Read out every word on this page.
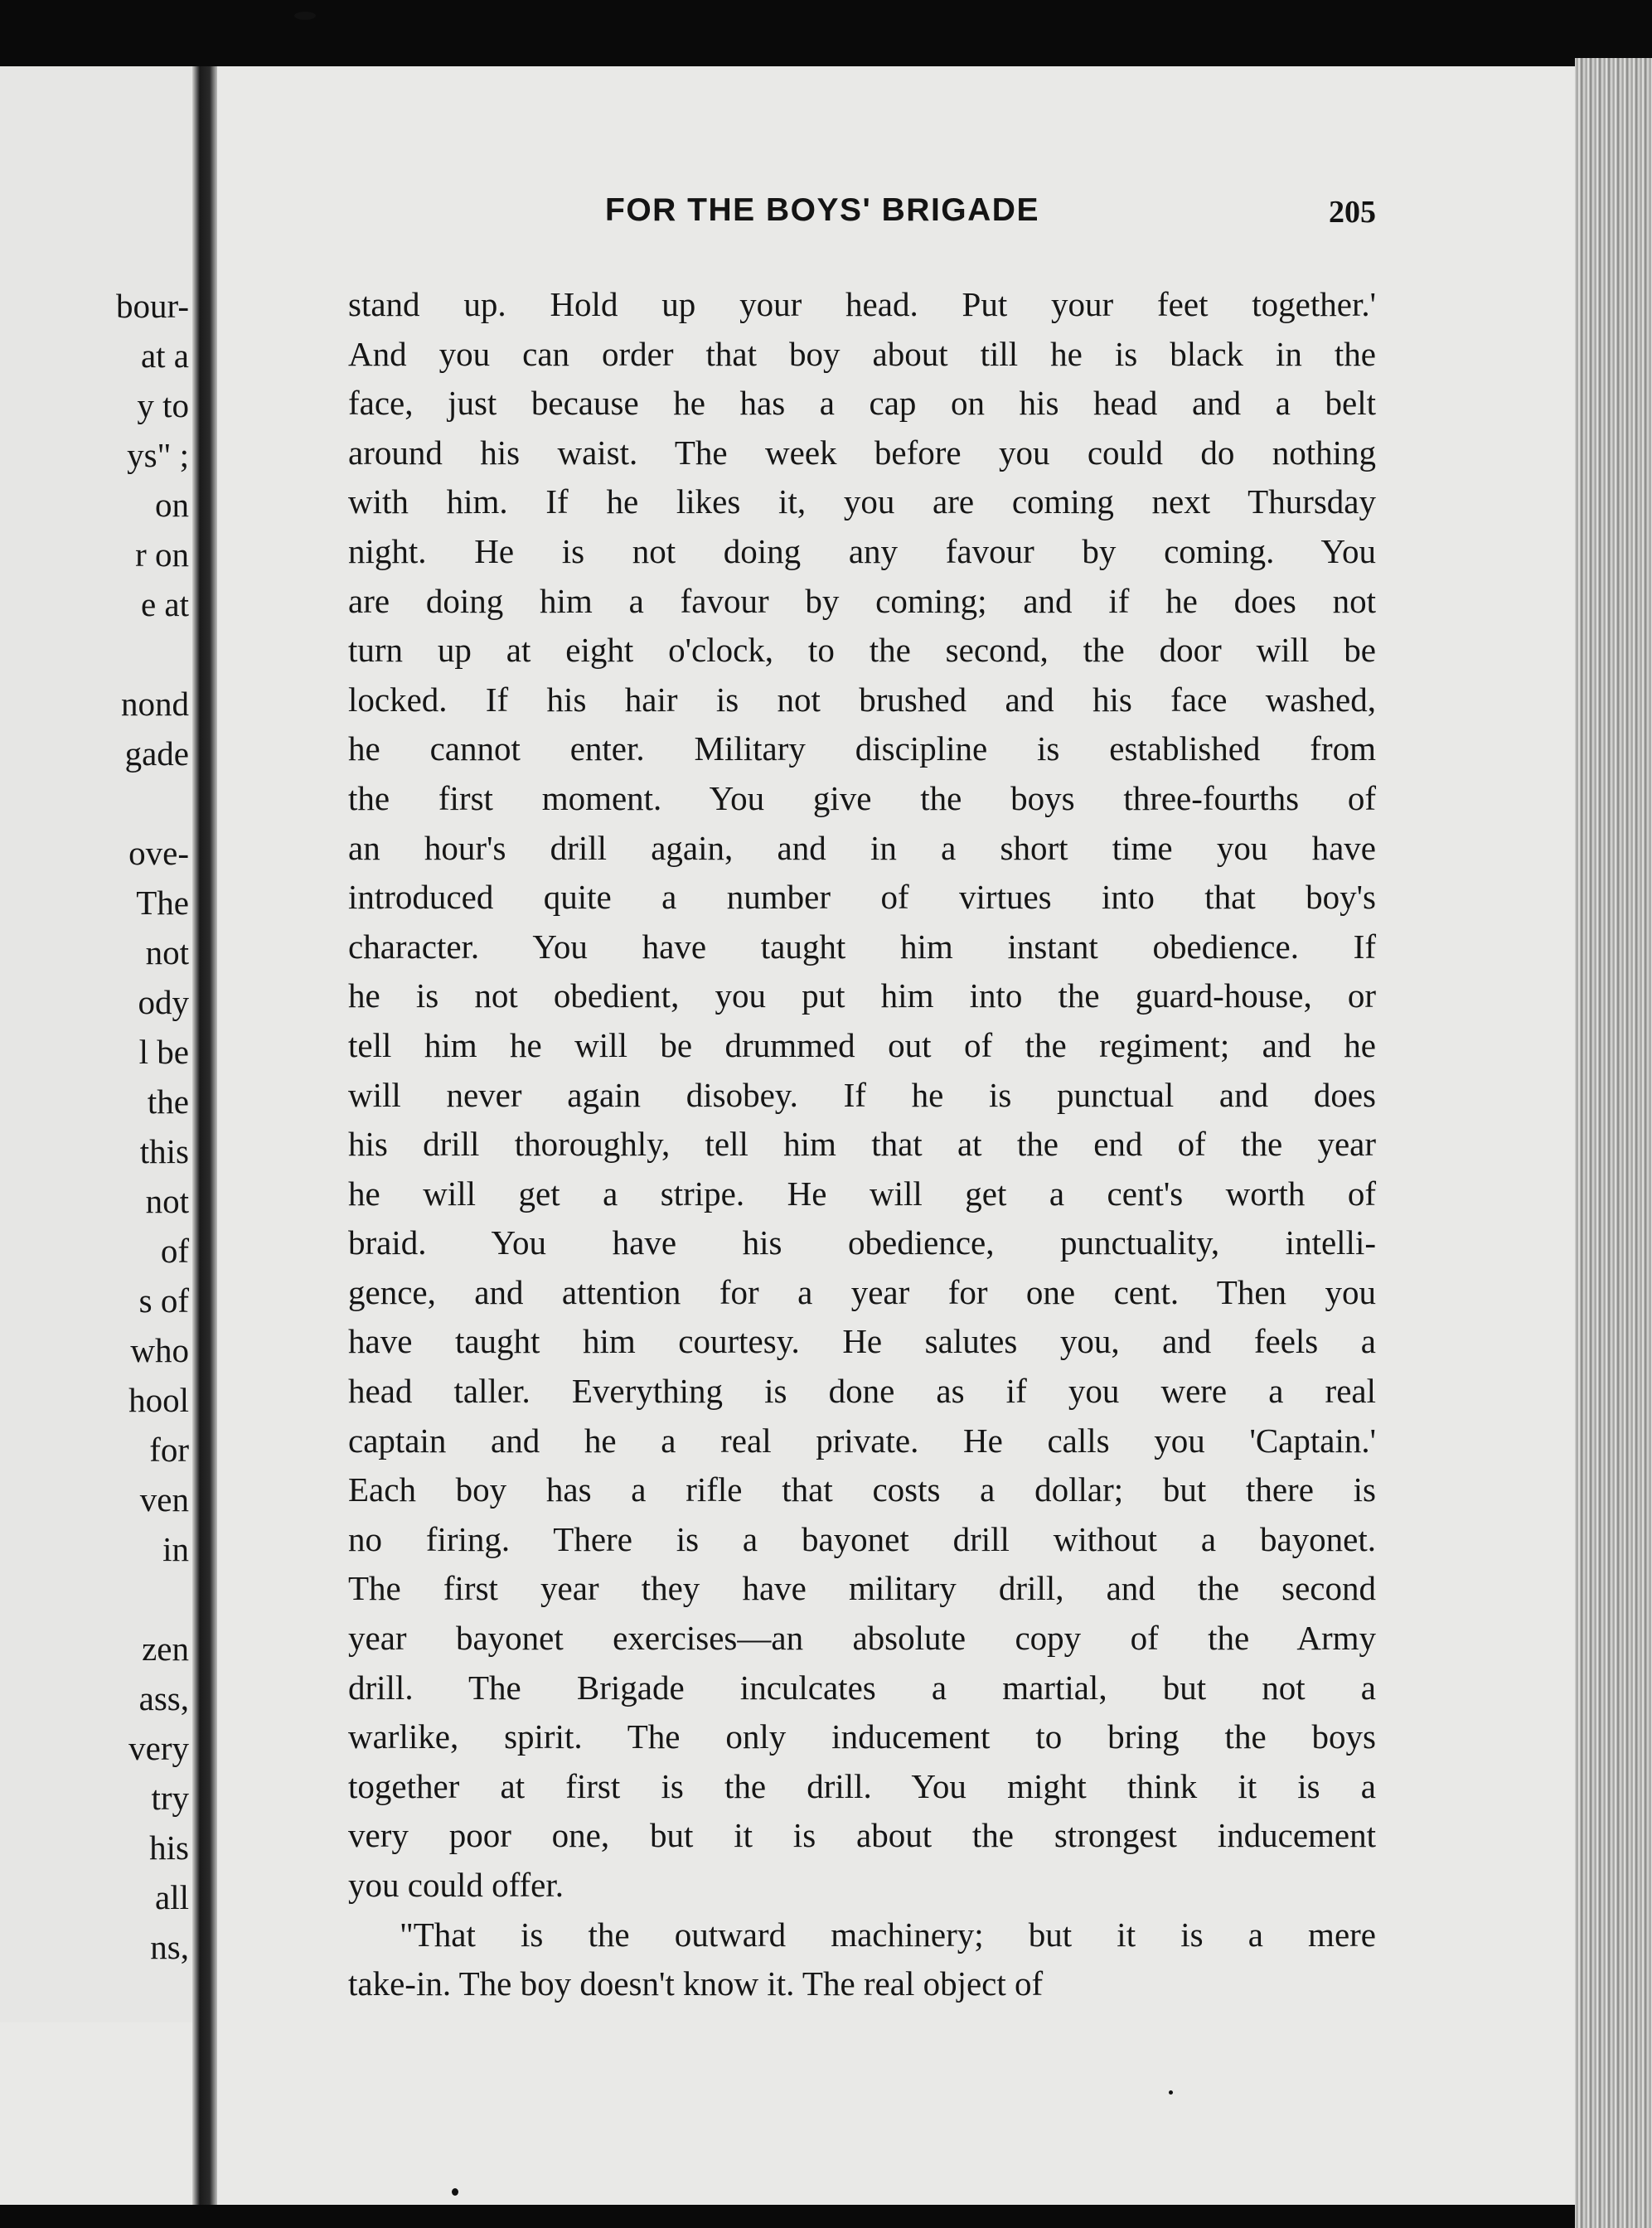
bour-
at a
y to
ys" ;
on
r on
e at
nond
gade
ove-
The
not
ody
l be
the
this
not
of
s of
who
hool
for
ven
in
zen
ass,
very
try
his
all
ns,
FOR THE BOYS' BRIGADE	205
stand up. Hold up your head. Put your feet together.'
And you can order that boy about till he is black in the
face, just because he has a cap on his head and a belt
around his waist. The week before you could do nothing
with him. If he likes it, you are coming next Thursday
night. He is not doing any favour by coming. You
are doing him a favour by coming; and if he does not
turn up at eight o'clock, to the second, the door will be
locked. If his hair is not brushed and his face washed,
he cannot enter. Military discipline is established from
the first moment. You give the boys three-fourths of
an hour's drill again, and in a short time you have
introduced quite a number of virtues into that boy's
character. You have taught him instant obedience. If
he is not obedient, you put him into the guard-house, or
tell him he will be drummed out of the regiment; and he
will never again disobey. If he is punctual and does
his drill thoroughly, tell him that at the end of the year
he will get a stripe. He will get a cent's worth of
braid. You have his obedience, punctuality, intelli-
gence, and attention for a year for one cent. Then you
have taught him courtesy. He salutes you, and feels a
head taller. Everything is done as if you were a real
captain and he a real private. He calls you 'Captain.'
Each boy has a rifle that costs a dollar; but there is
no firing. There is a bayonet drill without a bayonet.
The first year they have military drill, and the second
year bayonet exercises—an absolute copy of the Army
drill. The Brigade inculcates a martial, but not a
warlike, spirit. The only inducement to bring the boys
together at first is the drill. You might think it is a
very poor one, but it is about the strongest inducement
you could offer.
"That is the outward machinery; but it is a mere
take-in. The boy doesn't know it. The real object of
